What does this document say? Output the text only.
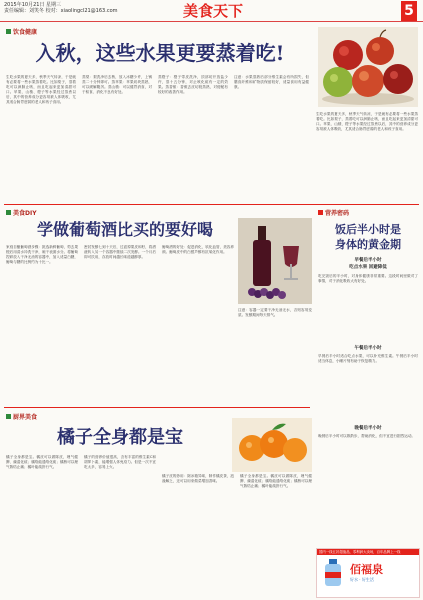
2015年10月21日 星期三
责任编辑：刘笑冬 校对：xiaolingcl21@163.com	美食天下	5
饮食健康
入秋，这些水果更要蒸着吃!
生吃水果的夏天多，秋季天气转凉，于是就有必要将一些水果蒸着吃。比如梨子，蒸着吃可以润肺止咳，而且吃起来更加清甜可口。苹果、山楂、橙子等水果经过蒸煮以后，其中的营养成分更容易被人体吸收，尤其适合肠胃虚弱的老人和孩子食用。
蒸梨：梨洗净后去核，放入冰糖少许，上锅蒸二十分钟即可。蒸苹果：苹果切块蒸熟，可以缓解腹泻。蒸山楂：可以健胃消食，对于积食、消化不良有好处。
蒸橙子：橙子带皮洗净，顶部切开放盐少许，蒸十五分钟，对止咳化痰有一定的效果。蒸香蕉：香蕉去皮切段蒸熟，对便秘有较好的改善作用。
注意：水果蒸熟后部分维生素会有所损失，但膳食纤维和矿物质保留较好，适量食用有益健康。
生吃水果的夏天多，秋季天气转凉，于是就有必要将一些水果蒸着吃。比如梨子，蒸着吃可以润肺止咳，而且吃起来更加清甜可口。苹果、山楂、橙子等水果经过蒸煮以后，其中的营养成分更容易被人体吸收，尤其适合肠胃虚弱的老人和孩子食用。
美食DIY
学做葡萄酒比买的要好喝
家庭自酿葡萄酒步骤：挑选新鲜葡萄，剪去果梗后用清水冲洗干净，晾干表面水分。将葡萄捏碎放入干净无油的容器中，加入适量白糖，葡萄与糖的比例约为十比一。
密封发酵七到十天后，过滤掉果皮和籽，将酒液转入另一个容器中继续二次发酵。一个月后即可饮用，存放时间越长味道越醇厚。
葡萄酒的好处：促进消化，软化血管，美容养颜。葡萄皮中的白藜芦醇有抗氧化作用。
注意：容器一定要干净无油无水，否则容易变质。发酵期间每天排气。
营养密码
饭后半小时是
身体的黄金期
早餐后半小时
吃点水果 回避降低
吃完饭后的半小时，对身体健康非常重要。这段时间里做对了事情，对于消化吸收大有好处。
午餐后半小时
早餐后半小时适合吃点水果，可以补充维生素。午餐后半小时适当休息，小睡片刻有助于恢复精力。
晚餐后半小时
晚餐后半小时可以散散步，帮助消化，但不宜进行剧烈运动。
厨界美食
橘子全身都是宝
橘子全身都是宝。橘皮可以做陈皮，理气健脾、燥湿化痰；橘络能通络化痰；橘核可以理气散结止痛；橘叶能疏肝行气。
橘子的营养价值很高，含有丰富的维生素C和胡萝卜素，能增强人体免疫力。但是一次不宜吃太多，容易上火。
橘子皮的妙用：除冰箱异味，制作橘皮茶，泡澡解乏，还可以用来做菜增加香味。
橘子全身都是宝。橘皮可以做陈皮，理气健脾、燥湿化痰；橘络能通络化痰；橘核可以理气散结止痛；橘叶能疏肝行气。
国内一线五折超值品，零利润大卖场，百年品牌上一线
佰福泉
好水 · 好生活
